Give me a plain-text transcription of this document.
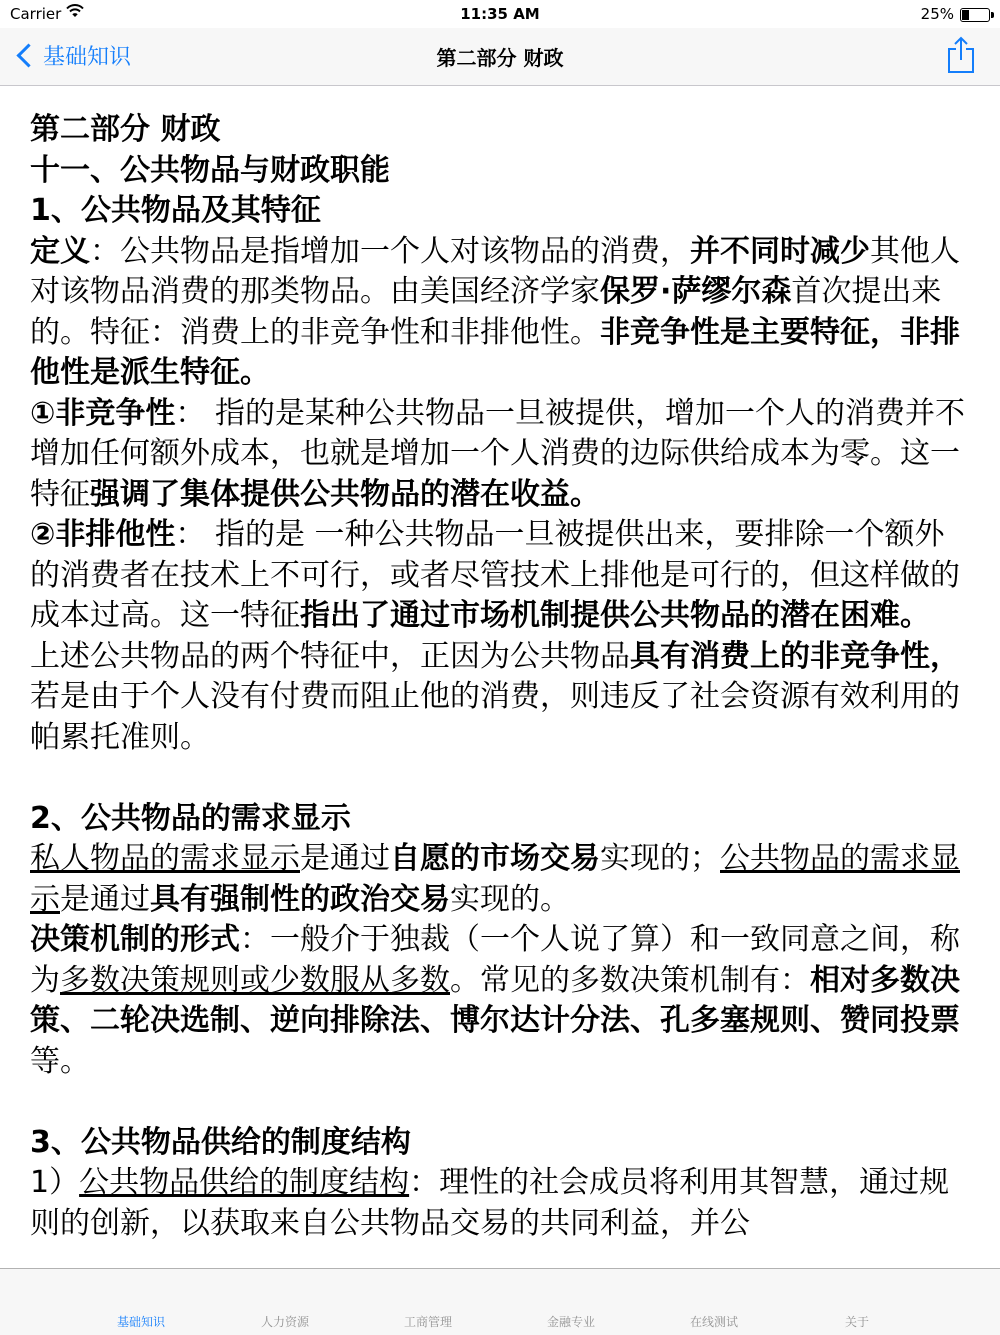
Carrier	11:35 AM	25%
基础知识	第二部分 财政

第二部分 财政

十一、公共物品与财政职能

1、公共物品及其特征

定义：公共物品是指增加一个人对该物品的消费，并不同时减少其他人对该物品消费的那类物品。由美国经济学家保罗·萨缪尔森首次提出来的。特征：消费上的非竞争性和非排他性。非竞争性是主要特征，非排他性是派生特征。

①非竞争性： 指的是某种公共物品一旦被提供，增加一个人的消费并不增加任何额外成本，也就是增加一个人消费的边际供给成本为零。这一特征强调了集体提供公共物品的潜在收益。

②非排他性： 指的是 一种公共物品一旦被提供出来，要排除一个额外的消费者在技术上不可行，或者尽管技术上排他是可行的，但这样做的成本过高。这一特征指出了通过市场机制提供公共物品的潜在困难。

上述公共物品的两个特征中，正因为公共物品具有消费上的非竞争性，若是由于个人没有付费而阻止他的消费，则违反了社会资源有效利用的帕累托准则。

2、公共物品的需求显示

私人物品的需求显示是通过自愿的市场交易实现的；公共物品的需求显示是通过具有强制性的政治交易实现的。

决策机制的形式：一般介于独裁（一个人说了算）和一致同意之间，称为多数决策规则或少数服从多数。常见的多数决策机制有：相对多数决策、二轮决选制、逆向排除法、博尔达计分法、孔多塞规则、赞同投票等。

3、公共物品供给的制度结构

1）公共物品供给的制度结构：理性的社会成员将利用其智慧，通过规则的创新，以获取来自公共物品交易的共同利益，并公

基础知识	人力资源	工商管理	金融专业	在线测试	关于
